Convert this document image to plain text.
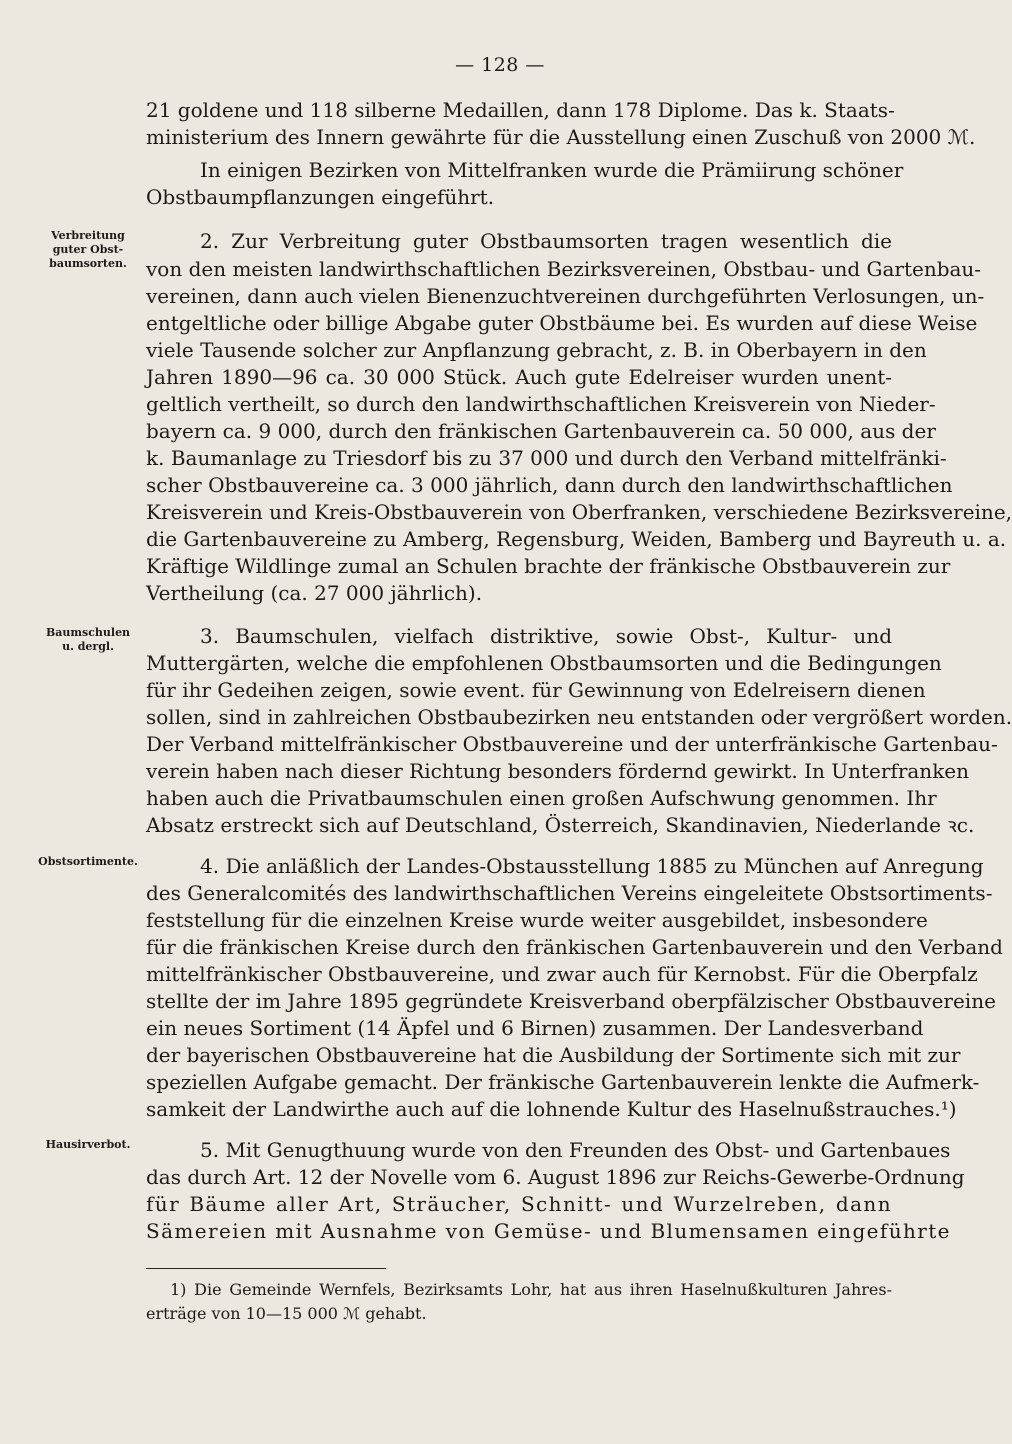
— 128 —
Verbreitung
guter Obst-
baumsorten.
Baumschulen
u. dergl.
Obstsortimente.
Hausirverbot.
21 goldene und 118 silberne Medaillen, dann 178 Diplome. Das k. Staats-
ministerium des Innern gewährte für die Ausstellung einen Zuschuß von 2000 ℳ.
In einigen Bezirken von Mittelfranken wurde die Prämiirung schöner
Obstbaumpflanzungen eingeführt.
2. Zur Verbreitung guter Obstbaumsorten tragen wesentlich die
von den meisten landwirthschaftlichen Bezirksvereinen, Obstbau- und Gartenbau-
vereinen, dann auch vielen Bienenzuchtvereinen durchgeführten Verlosungen, un-
entgeltliche oder billige Abgabe guter Obstbäume bei. Es wurden auf diese Weise
viele Tausende solcher zur Anpflanzung gebracht, z. B. in Oberbayern in den
Jahren 1890—96 ca. 30 000 Stück. Auch gute Edelreiser wurden unent-
geltlich vertheilt, so durch den landwirthschaftlichen Kreisverein von Nieder-
bayern ca. 9 000, durch den fränkischen Gartenbauverein ca. 50 000, aus der
k. Baumanlage zu Triesdorf bis zu 37 000 und durch den Verband mittelfränki-
scher Obstbauvereine ca. 3 000 jährlich, dann durch den landwirthschaftlichen
Kreisverein und Kreis-Obstbauverein von Oberfranken, verschiedene Bezirksvereine,
die Gartenbauvereine zu Amberg, Regensburg, Weiden, Bamberg und Bayreuth u. a.
Kräftige Wildlinge zumal an Schulen brachte der fränkische Obstbauverein zur
Vertheilung (ca. 27 000 jährlich).
3. Baumschulen, vielfach distriktive, sowie Obst-, Kultur- und
Muttergärten, welche die empfohlenen Obstbaumsorten und die Bedingungen
für ihr Gedeihen zeigen, sowie event. für Gewinnung von Edelreisern dienen
sollen, sind in zahlreichen Obstbaubezirken neu entstanden oder vergrößert worden.
Der Verband mittelfränkischer Obstbauvereine und der unterfränkische Gartenbau-
verein haben nach dieser Richtung besonders fördernd gewirkt. In Unterfranken
haben auch die Privatbaumschulen einen großen Aufschwung genommen. Ihr
Absatz erstreckt sich auf Deutschland, Österreich, Skandinavien, Niederlande ꝛc.
4. Die anläßlich der Landes-Obstausstellung 1885 zu München auf Anregung
des Generalcomités des landwirthschaftlichen Vereins eingeleitete Obstsortiments-
feststellung für die einzelnen Kreise wurde weiter ausgebildet, insbesondere
für die fränkischen Kreise durch den fränkischen Gartenbauverein und den Verband
mittelfränkischer Obstbauvereine, und zwar auch für Kernobst. Für die Oberpfalz
stellte der im Jahre 1895 gegründete Kreisverband oberpfälzischer Obstbauvereine
ein neues Sortiment (14 Äpfel und 6 Birnen) zusammen. Der Landesverband
der bayerischen Obstbauvereine hat die Ausbildung der Sortimente sich mit zur
speziellen Aufgabe gemacht. Der fränkische Gartenbauverein lenkte die Aufmerk-
samkeit der Landwirthe auch auf die lohnende Kultur des Haselnußstrauches.¹)
5. Mit Genugthuung wurde von den Freunden des Obst- und Gartenbaues
das durch Art. 12 der Novelle vom 6. August 1896 zur Reichs-Gewerbe-Ordnung
für Bäume aller Art, Sträucher, Schnitt- und Wurzelreben, dann
Sämereien mit Ausnahme von Gemüse- und Blumensamen eingeführte
1) Die Gemeinde Wernfels, Bezirksamts Lohr, hat aus ihren Haselnußkulturen Jahres-
erträge von 10—15 000 ℳ gehabt.
